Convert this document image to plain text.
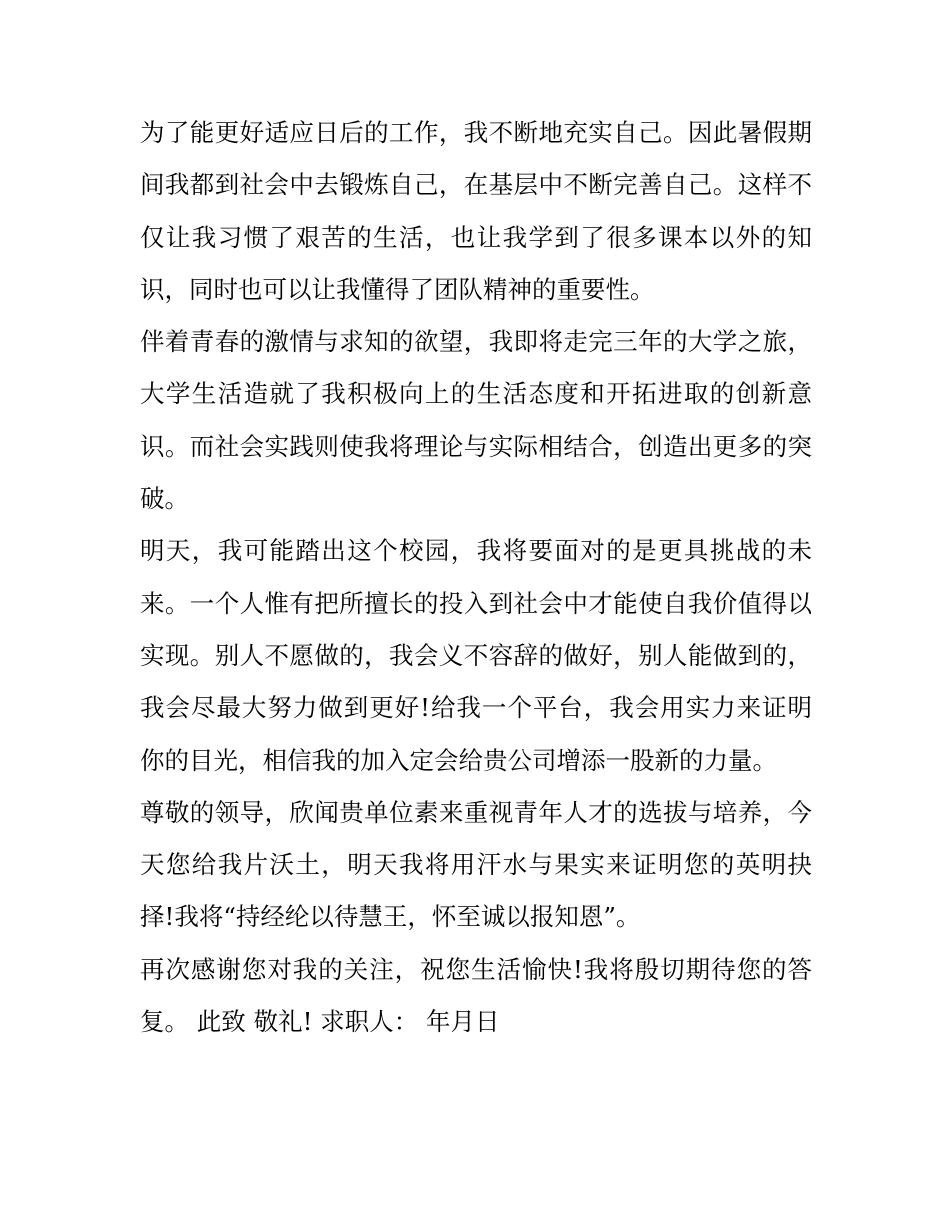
为了能更好适应日后的工作，我不断地充实自己。因此暑假期
间我都到社会中去锻炼自己，在基层中不断完善自己。这样不
仅让我习惯了艰苦的生活，也让我学到了很多课本以外的知
识，同时也可以让我懂得了团队精神的重要性。

伴着青春的激情与求知的欲望，我即将走完三年的大学之旅，
大学生活造就了我积极向上的生活态度和开拓进取的创新意
识。而社会实践则使我将理论与实际相结合，创造出更多的突
破。

明天，我可能踏出这个校园，我将要面对的是更具挑战的未
来。一个人惟有把所擅长的投入到社会中才能使自我价值得以
实现。别人不愿做的，我会义不容辞的做好，别人能做到的，
我会尽最大努力做到更好!给我一个平台，我会用实力来证明
你的目光，相信我的加入定会给贵公司增添一股新的力量。

尊敬的领导，欣闻贵单位素来重视青年人才的选拔与培养，今
天您给我片沃土，明天我将用汗水与果实来证明您的英明抉
择!我将“持经纶以待慧王，怀至诚以报知恩”。

再次感谢您对我的关注，祝您生活愉快!我将殷切期待您的答
复。 此致 敬礼! 求职人： 年月日
